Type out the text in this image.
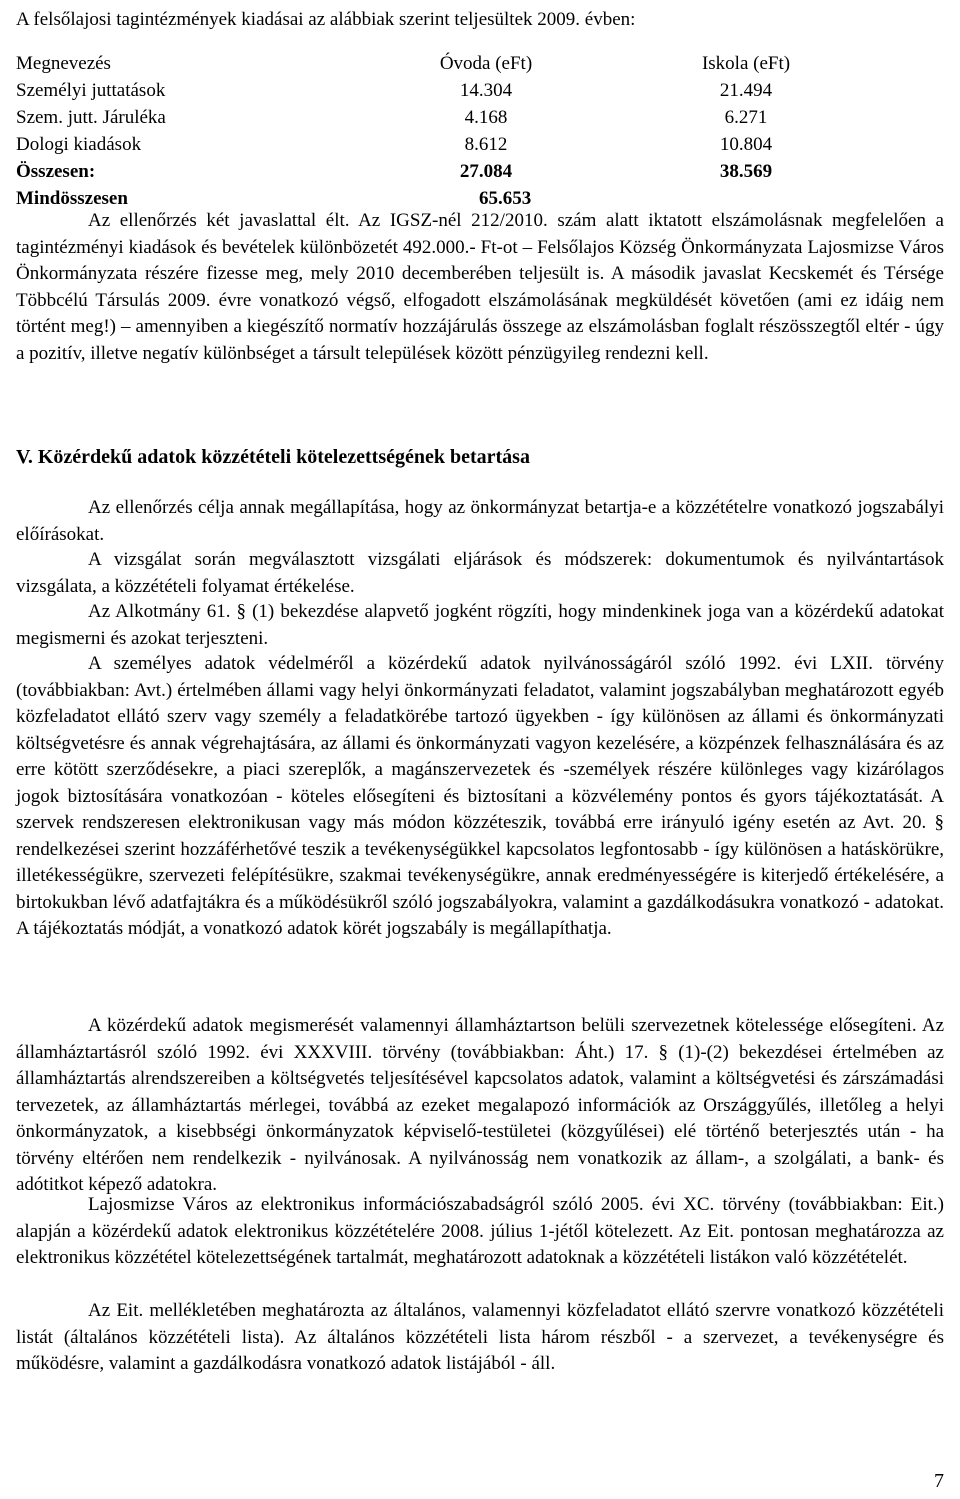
A felsőlajosi tagintézmények kiadásai az alábbiak szerint teljesültek 2009. évben:

Megnevezés	Óvoda (eFt)	Iskola (eFt)
Személyi juttatások	14.304	21.494
Szem. jutt. Járuléka	4.168	6.271
Dologi kiadások	8.612	10.804
Összesen:	27.084	38.569
Mindösszesen	65.653	

Az ellenőrzés két javaslattal élt. Az IGSZ-nél 212/2010. szám alatt iktatott elszámolásnak megfelelően a tagintézményi kiadások és bevételek különbözetét 492.000.- Ft-ot – Felsőlajos Község Önkormányzata Lajosmizse Város Önkormányzata részére fizesse meg, mely 2010 decemberében teljesült is. A második javaslat Kecskemét és Térsége Többcélú Társulás 2009. évre vonatkozó végső, elfogadott elszámolásának megküldését követően (ami ez idáig nem történt meg!) – amennyiben a kiegészítő normatív hozzájárulás összege az elszámolásban foglalt részösszegtől eltér - úgy a pozitív, illetve negatív különbséget a társult települések között pénzügyileg rendezni kell.

V. Közérdekű adatok közzétételi kötelezettségének betartása

Az ellenőrzés célja annak megállapítása, hogy az önkormányzat betartja-e a közzétételre vonatkozó jogszabályi előírásokat.

A vizsgálat során megválasztott vizsgálati eljárások és módszerek: dokumentumok és nyilvántartások vizsgálata, a közzétételi folyamat értékelése.

Az Alkotmány 61. § (1) bekezdése alapvető jogként rögzíti, hogy mindenkinek joga van a közérdekű adatokat megismerni és azokat terjeszteni.

A személyes adatok védelméről a közérdekű adatok nyilvánosságáról szóló 1992. évi LXII. törvény (továbbiakban: Avt.) értelmében állami vagy helyi önkormányzati feladatot, valamint jogszabályban meghatározott egyéb közfeladatot ellátó szerv vagy személy a feladatkörébe tartozó ügyekben - így különösen az állami és önkormányzati költségvetésre és annak végrehajtására, az állami és önkormányzati vagyon kezelésére, a közpénzek felhasználására és az erre kötött szerződésekre, a piaci szereplők, a magánszervezetek és -személyek részére különleges vagy kizárólagos jogok biztosítására vonatkozóan - köteles elősegíteni és biztosítani a közvélemény pontos és gyors tájékoztatását. A szervek rendszeresen elektronikusan vagy más módon közzéteszik, továbbá erre irányuló igény esetén az Avt. 20. § rendelkezései szerint hozzáférhetővé teszik a tevékenységükkel kapcsolatos legfontosabb - így különösen a hatáskörükre, illetékességükre, szervezeti felépítésükre, szakmai tevékenységükre, annak eredményességére is kiterjedő értékelésére, a birtokukban lévő adatfajtákra és a működésükről szóló jogszabályokra, valamint a gazdálkodásukra vonatkozó - adatokat. A tájékoztatás módját, a vonatkozó adatok körét jogszabály is megállapíthatja.

A közérdekű adatok megismerését valamennyi államháztartson belüli szervezetnek kötelessége elősegíteni. Az államháztartásról szóló 1992. évi XXXVIII. törvény (továbbiakban: Áht.) 17. § (1)-(2) bekezdései értelmében az államháztartás alrendszereiben a költségvetés teljesítésével kapcsolatos adatok, valamint a költségvetési és zárszámadási tervezetek, az államháztartás mérlegei, továbbá az ezeket megalapozó információk az Országgyűlés, illetőleg a helyi önkormányzatok, a kisebbségi önkormányzatok képviselő-testületei (közgyűlései) elé történő beterjesztés után - ha törvény eltérően nem rendelkezik - nyilvánosak. A nyilvánosság nem vonatkozik az állam-, a szolgálati, a bank- és adótitkot képező adatokra.

Lajosmizse Város az elektronikus információszabadságról szóló 2005. évi XC. törvény (továbbiakban: Eit.) alapján a közérdekű adatok elektronikus közzétételére 2008. július 1-jétől kötelezett. Az Eit. pontosan meghatározza az elektronikus közzététel kötelezettségének tartalmát, meghatározott adatoknak a közzétételi listákon való közzétételét.

Az Eit. mellékletében meghatározta az általános, valamennyi közfeladatot ellátó szervre vonatkozó közzétételi listát (általános közzétételi lista). Az általános közzétételi lista három részből - a szervezet, a tevékenységre és működésre, valamint a gazdálkodásra vonatkozó adatok listájából - áll.

7
